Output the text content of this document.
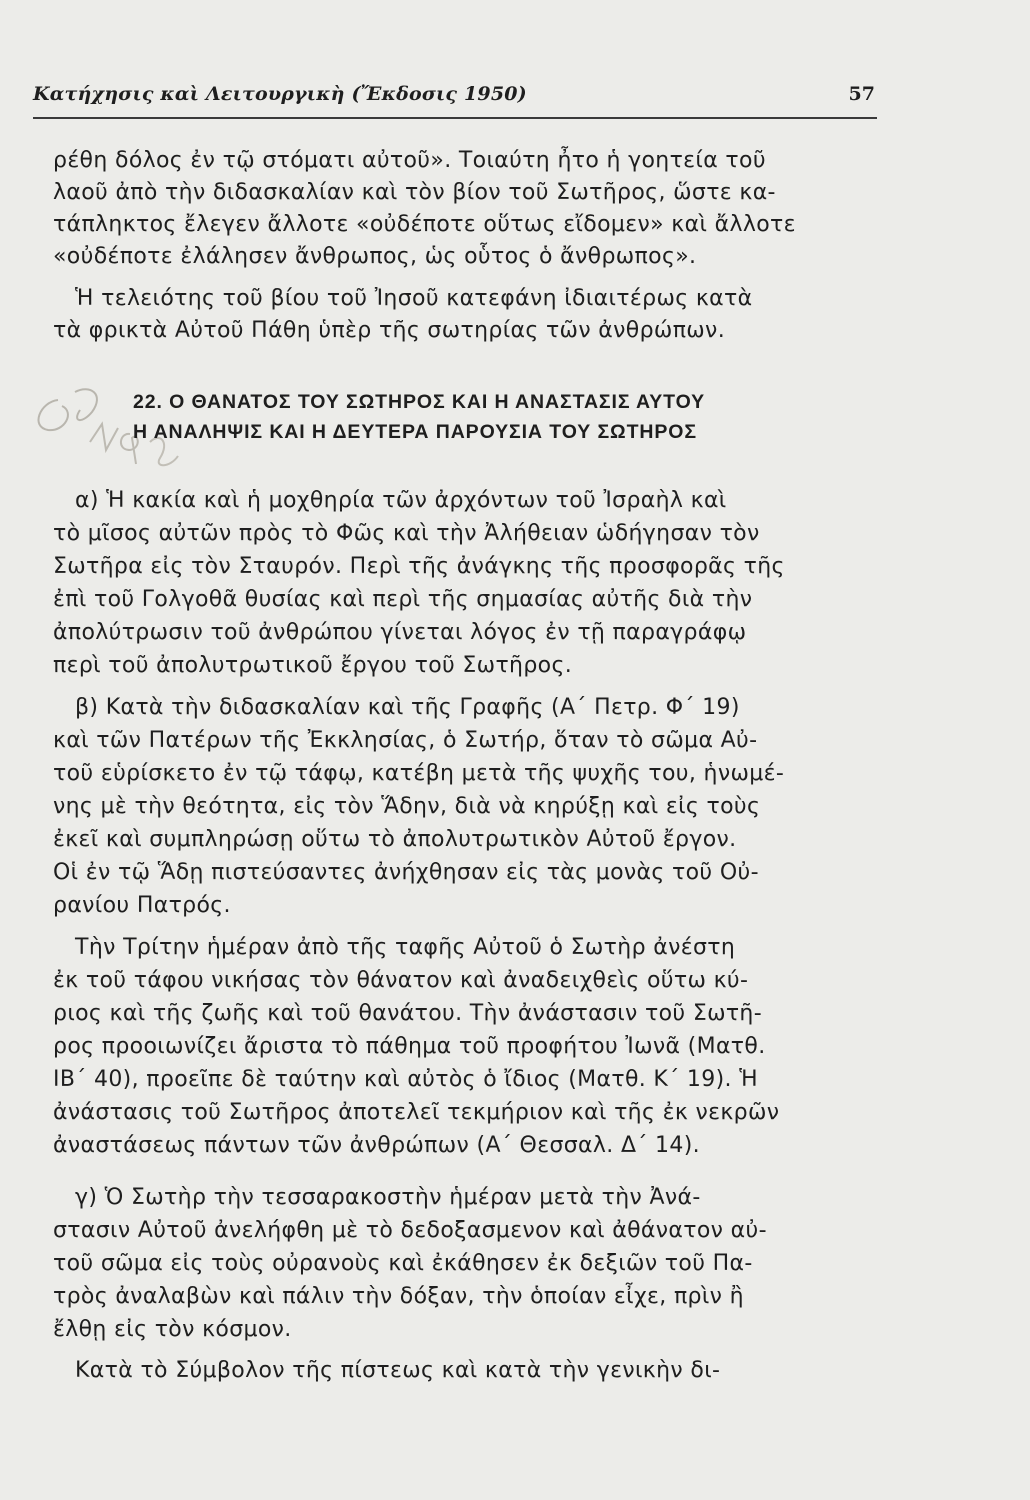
Κατήχησις καὶ Λειτουργικὴ (Ἔκδοσις 1950)	57
ρέθη δόλος ἐν τῷ στόματι αὐτοῦ». Τοιαύτη ἦτο ἡ γοητεία τοῦ
λαοῦ ἀπὸ τὴν διδασκαλίαν καὶ τὸν βίον τοῦ Σωτῆρος, ὥστε κα-
τάπληκτος ἔλεγεν ἄλλοτε «οὐδέποτε οὕτως εἴδομεν» καὶ ἄλλοτε
«οὐδέποτε ἐλάλησεν ἄνθρωπος, ὡς οὗτος ὁ ἄνθρωπος».
Ἡ τελειότης τοῦ βίου τοῦ Ἰησοῦ κατεφάνη ἰδιαιτέρως κατὰ
τὰ φρικτὰ Αὐτοῦ Πάθη ὑπὲρ τῆς σωτηρίας τῶν ἀνθρώπων.
22. Ο ΘΑΝΑΤΟΣ ΤΟΥ ΣΩΤΗΡΟΣ ΚΑΙ Η ΑΝΑΣΤΑΣΙΣ ΑΥΤΟΥ
Η ΑΝΑΛΗΨΙΣ ΚΑΙ Η ΔΕΥΤΕΡΑ ΠΑΡΟΥΣΙΑ ΤΟΥ ΣΩΤΗΡΟΣ
α) Ἡ κακία καὶ ἡ μοχθηρία τῶν ἀρχόντων τοῦ Ἰσραὴλ καὶ
τὸ μῖσος αὐτῶν πρὸς τὸ Φῶς καὶ τὴν Ἀλήθειαν ὡδήγησαν τὸν
Σωτῆρα εἰς τὸν Σταυρόν. Περὶ τῆς ἀνάγκης τῆς προσφορᾶς τῆς
ἐπὶ τοῦ Γολγοθᾶ θυσίας καὶ περὶ τῆς σημασίας αὐτῆς διὰ τὴν
ἀπολύτρωσιν τοῦ ἀνθρώπου γίνεται λόγος ἐν τῇ παραγράφῳ
περὶ τοῦ ἀπολυτρωτικοῦ ἔργου τοῦ Σωτῆρος.
β) Κατὰ τὴν διδασκαλίαν καὶ τῆς Γραφῆς (Α΄ Πετρ. Φ΄ 19)
καὶ τῶν Πατέρων τῆς Ἐκκλησίας, ὁ Σωτήρ, ὅταν τὸ σῶμα Αὐ-
τοῦ εὑρίσκετο ἐν τῷ τάφῳ, κατέβη μετὰ τῆς ψυχῆς του, ἡνωμέ-
νης μὲ τὴν θεότητα, εἰς τὸν Ἅδην, διὰ νὰ κηρύξῃ καὶ εἰς τοὺς
ἐκεῖ καὶ συμπληρώσῃ οὕτω τὸ ἀπολυτρωτικὸν Αὐτοῦ ἔργον.
Οἱ ἐν τῷ Ἅδῃ πιστεύσαντες ἀνήχθησαν εἰς τὰς μονὰς τοῦ Οὐ-
ρανίου Πατρός.
Τὴν Τρίτην ἡμέραν ἀπὸ τῆς ταφῆς Αὐτοῦ ὁ Σωτὴρ ἀνέστη
ἐκ τοῦ τάφου νικήσας τὸν θάνατον καὶ ἀναδειχθεὶς οὕτω κύ-
ριος καὶ τῆς ζωῆς καὶ τοῦ θανάτου. Τὴν ἀνάστασιν τοῦ Σωτῆ-
ρος προοιωνίζει ἄριστα τὸ πάθημα τοῦ προφήτου Ἰωνᾶ (Ματθ.
ΙΒ΄ 40), προεῖπε δὲ ταύτην καὶ αὐτὸς ὁ ἴδιος (Ματθ. Κ΄ 19). Ἡ
ἀνάστασις τοῦ Σωτῆρος ἀποτελεῖ τεκμήριον καὶ τῆς ἐκ νεκρῶν
ἀναστάσεως πάντων τῶν ἀνθρώπων (Α΄ Θεσσαλ. Δ΄ 14).
γ) Ὁ Σωτὴρ τὴν τεσσαρακοστὴν ἡμέραν μετὰ τὴν Ἀνά-
στασιν Αὐτοῦ ἀνελήφθη μὲ τὸ δεδοξασμενον καὶ ἀθάνατον αὐ-
τοῦ σῶμα εἰς τοὺς οὐρανοὺς καὶ ἐκάθησεν ἐκ δεξιῶν τοῦ Πα-
τρὸς ἀναλαβὼν καὶ πάλιν τὴν δόξαν, τὴν ὁποίαν εἶχε, πρὶν ἢ
ἔλθῃ εἰς τὸν κόσμον.
Κατὰ τὸ Σύμβολον τῆς πίστεως καὶ κατὰ τὴν γενικὴν δι-
